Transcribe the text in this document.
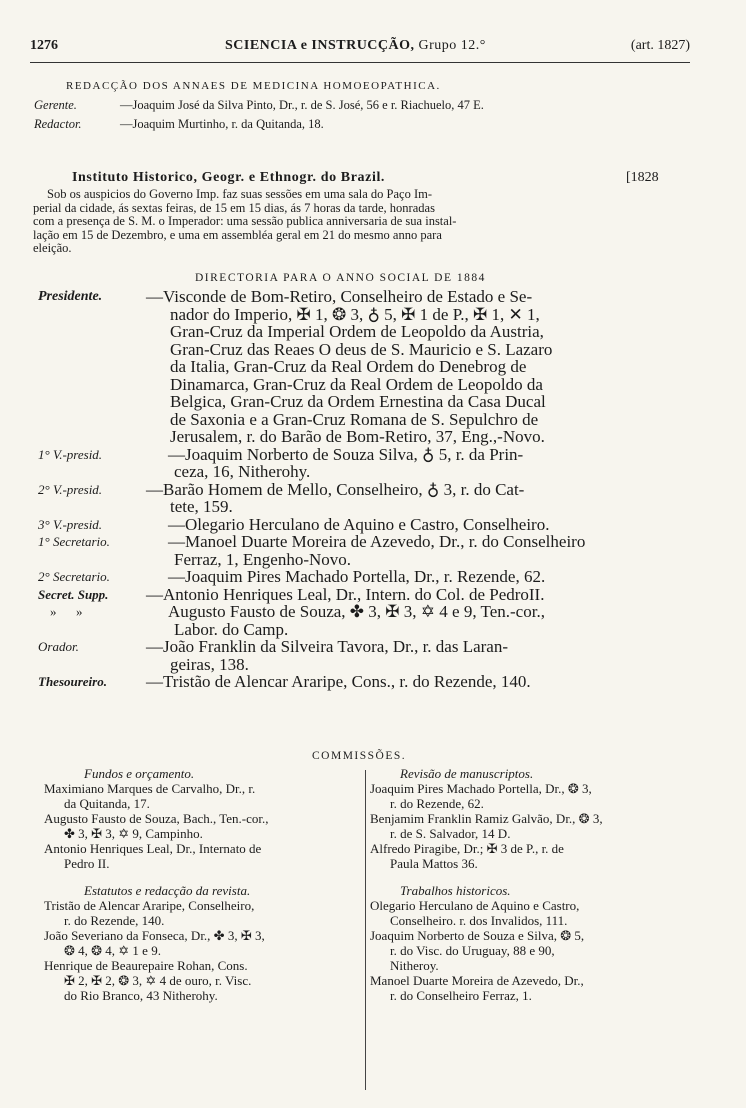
1276	SCIENCIA e INSTRUCÇÃO, Grupo 12.°	(art. 1827)
REDACÇÃO DOS ANNAES DE MEDICINA HOMOEOPATHICA.
Gerente.	—Joaquim José da Silva Pinto, Dr., r. de S. José, 56 e r. Riachuelo, 47 E.
Redactor.	—Joaquim Murtinho, r. da Quitanda, 18.
Instituto Historico, Geogr. e Ethnogr. do Brazil.	[1828
Sob os auspicios do Governo Imp. faz suas sessões em uma sala do Paço Im-
perial da cidade, ás sextas feiras, de 15 em 15 dias, ás 7 horas da tarde, honradas
com a presença de S. M. o Imperador: uma sessão publica anniversaria de sua instal-
lação em 15 de Dezembro, e uma em assembléa geral em 21 do mesmo anno para
eleição.
DIRECTORIA PARA O ANNO SOCIAL DE 1884
Presidente.	—Visconde de Bom-Retiro, Conselheiro de Estado e Se-
nador do Imperio, ✠ 1, ❂ 3, ♁ 5, ✠ 1 de P., ✠ 1, ✕ 1,
Gran-Cruz da Imperial Ordem de Leopoldo da Austria,
Gran-Cruz das Reaes O deus de S. Mauricio e S. Lazaro
da Italia, Gran-Cruz da Real Ordem do Denebrog de
Dinamarca, Gran-Cruz da Real Ordem de Leopoldo da
Belgica, Gran-Cruz da Ordem Ernestina da Casa Ducal
de Saxonia e a Gran-Cruz Romana de S. Sepulchro de
Jerusalem, r. do Barão de Bom-Retiro, 37, Eng.,-Novo.
1° V.-presid.	—Joaquim Norberto de Souza Silva, ♁ 5, r. da Prin-
ceza, 16, Nitherohy.
2° V.-presid.	—Barão Homem de Mello, Conselheiro, ♁ 3, r. do Cat-
tete, 159.
3° V.-presid.	—Olegario Herculano de Aquino e Castro, Conselheiro.
1° Secretario.	—Manoel Duarte Moreira de Azevedo, Dr., r. do Conselheiro
Ferraz, 1, Engenho-Novo.
2° Secretario.	—Joaquim Pires Machado Portella, Dr., r. Rezende, 62.
Secret. Supp.	—Antonio Henriques Leal, Dr., Intern. do Col. de PedroII.
»      »	Augusto Fausto de Souza, ✤ 3, ✠ 3, ✡ 4 e 9, Ten.-cor.,
Labor. do Camp.
Orador.	—João Franklin da Silveira Tavora, Dr., r. das Laran-
geiras, 138.
Thesoureiro.	—Tristão de Alencar Araripe, Cons., r. do Rezende, 140.
COMMISSÕES.

Fundos e orçamento.

Maximiano Marques de Carvalho, Dr., r.

da Quitanda, 17.

Augusto Fausto de Souza, Bach., Ten.-cor.,

✤ 3, ✠ 3, ✡ 9, Campinho.

Antonio Henriques Leal, Dr., Internato de

Pedro II.

Estatutos e redacção da revista.

Tristão de Alencar Araripe, Conselheiro,

r. do Rezende, 140.

João Severiano da Fonseca, Dr., ✤ 3, ✠ 3,

❂ 4, ❂ 4, ✡ 1 e 9.

Henrique de Beaurepaire Rohan, Cons.

✠ 2, ✠ 2, ❂ 3, ✡ 4 de ouro, r. Visc.

do Rio Branco, 43 Nitherohy.

Revisão de manuscriptos.

Joaquim Pires Machado Portella, Dr., ❂ 3,

r. do Rezende, 62.

Benjamim Franklin Ramiz Galvão, Dr., ❂ 3,

r. de S. Salvador, 14 D.

Alfredo Piragibe, Dr.; ✠ 3 de P., r. de

Paula Mattos 36.

Trabalhos historicos.

Olegario Herculano de Aquino e Castro,

Conselheiro. r. dos Invalidos, 111.

Joaquim Norberto de Souza e Silva, ❂ 5,

r. do Visc. do Uruguay, 88 e 90,

Nitheroy.

Manoel Duarte Moreira de Azevedo, Dr.,

r. do Conselheiro Ferraz, 1.
